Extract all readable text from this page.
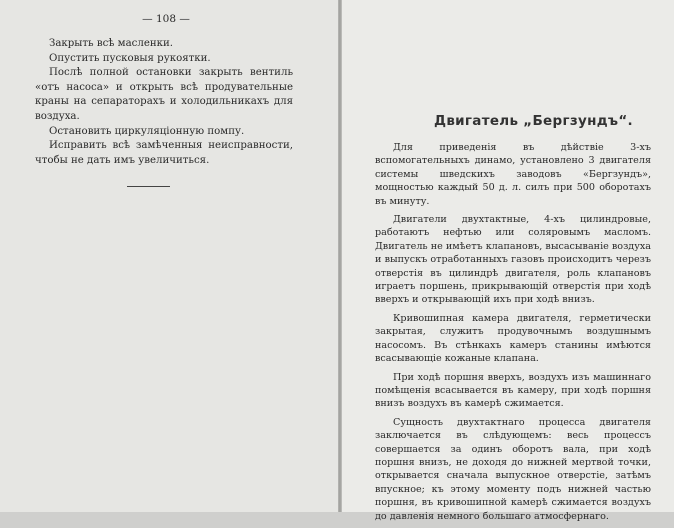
— 108 —

Закрыть всѣ масленки.

Опустить пусковыя рукоятки.

Послѣ полной остановки закрыть вентиль «отъ насоса» и открыть всѣ продувательные краны на сепараторахъ и холодильникахъ для воздуха.

Остановить циркуляціонную помпу.

Исправить всѣ замѣченныя неисправности, чтобы не дать имъ увеличиться.

Двигатель „Бергзундъ“.

Для приведенія въ дѣйствіе 3-хъ вспомогательныхъ динамо, установлено 3 двигателя системы шведскихъ заводовъ «Бергзундъ», мощностью каждый 50 д. л. силъ при 500 оборотахъ въ минуту.

Двигатели двухтактные, 4-хъ цилиндровые, работаютъ нефтью или соляровымъ масломъ. Двигатель не имѣетъ клапановъ, высасываніе воздуха и выпускъ отработанныхъ газовъ происходитъ черезъ отверстія въ цилиндрѣ двигателя, роль клапановъ играетъ поршень, прикрывающій отверстія при ходѣ вверхъ и открывающій ихъ при ходѣ внизъ.

Кривошипная камера двигателя, герметически закрытая, служитъ продувочнымъ воздушнымъ насосомъ. Въ стѣнкахъ камеръ станины имѣются всасывающіе кожаные клапана.

При ходѣ поршня вверхъ, воздухъ изъ машиннаго помѣщенія всасывается въ камеру, при ходѣ поршня внизъ воздухъ въ камерѣ сжимается.

Сущность двухтактнаго процесса двигателя заключается въ слѣдующемъ: весь процессъ совершается за одинъ оборотъ вала, при ходѣ поршня внизъ, не доходя до нижней мертвой точки, открывается сначала выпускное отверстіе, затѣмъ впускное; къ этому моменту подъ нижней частью поршня, въ кривошипной камерѣ сжимается воздухъ до давленія немного большаго атмосфернаго.
